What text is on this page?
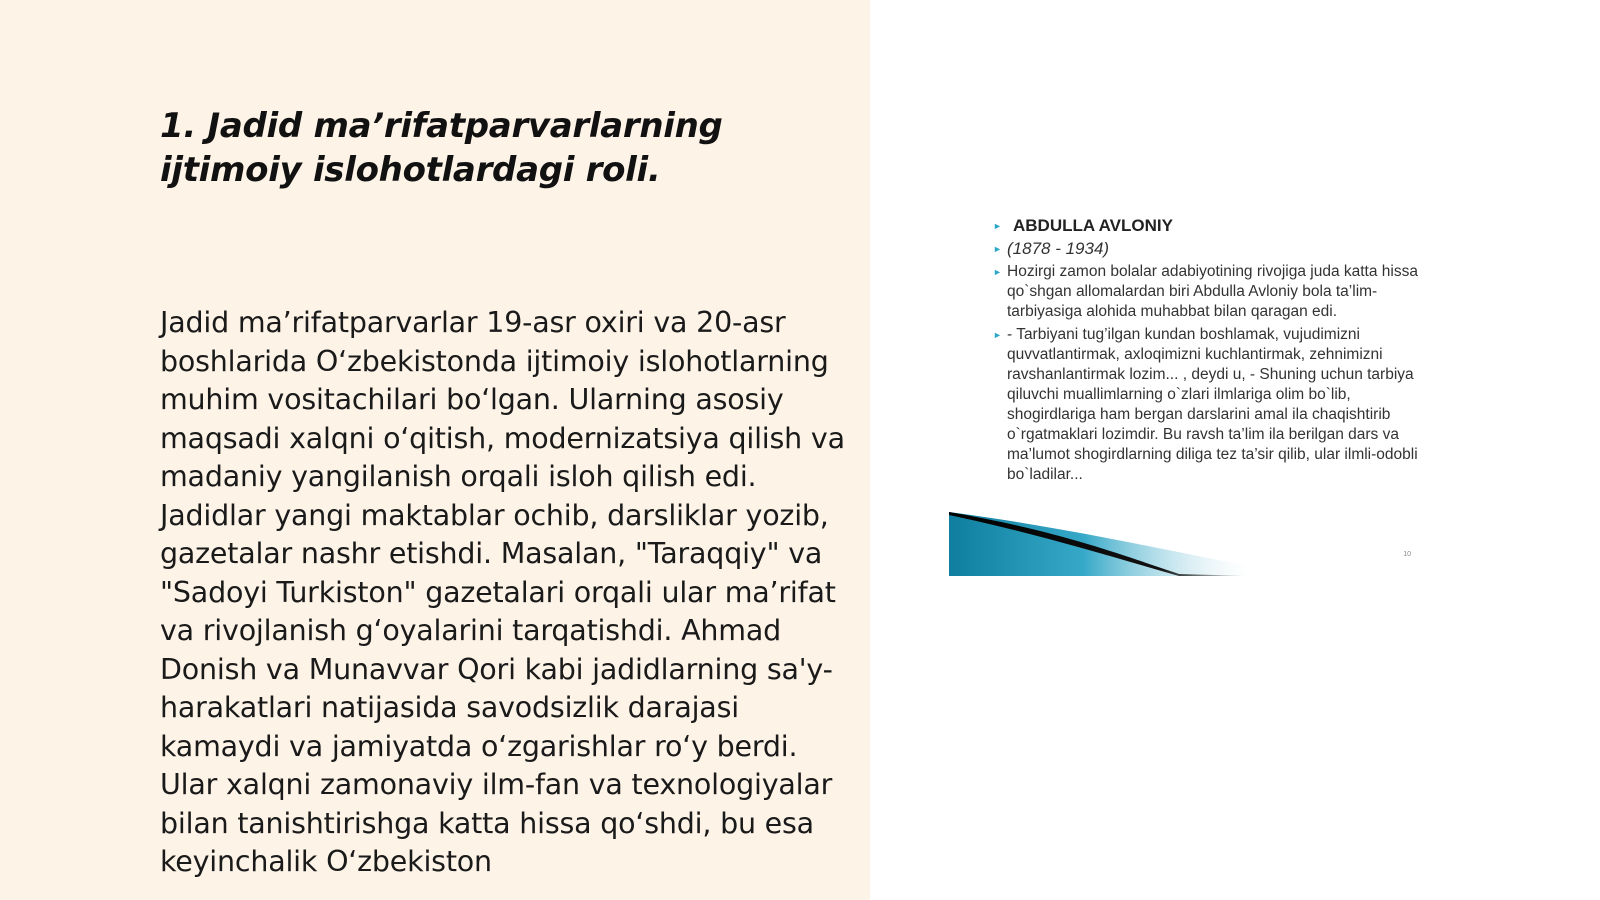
1. Jadid ma’rifatparvarlarning ijtimoiy islohotlardagi roli.

Jadid ma’rifatparvarlar 19-asr oxiri va 20-asr boshlarida O‘zbekistonda ijtimoiy islohotlarning muhim vositachilari bo‘lgan. Ularning asosiy maqsadi xalqni o‘qitish, modernizatsiya qilish va madaniy yangilanish orqali isloh qilish edi. Jadidlar yangi maktablar ochib, darsliklar yozib, gazetalar nashr etishdi. Masalan, "Taraqqiy" va "Sadoyi Turkiston" gazetalari orqali ular ma’rifat va rivojlanish g‘oyalarini tarqatishdi. Ahmad Donish va Munavvar Qori kabi jadidlarning sa'y-harakatlari natijasida savodsizlik darajasi kamaydi va jamiyatda o‘zgarishlar ro‘y berdi. Ular xalqni zamonaviy ilm-fan va texnologiyalar bilan tanishtirishga katta hissa qo‘shdi, bu esa keyinchalik O‘zbekiston

► ABDULLA AVLONIY
► (1878 - 1934)
► Hozirgi zamon bolalar adabiyotining rivojiga juda katta hissa qo`shgan allomalardan biri Abdulla Avloniy bola ta’lim-tarbiyasiga alohida muhabbat bilan qaragan edi.
► - Tarbiyani tug’ilgan kundan boshlamak, vujudimizni quvvatlantirmak, axloqimizni kuchlantirmak, zehnimizni ravshanlantirmak lozim... , deydi u, - Shuning uchun tarbiya qiluvchi muallimlarning o`zlari ilmlariga olim bo`lib, shogirdlariga ham bergan darslarini amal ila chaqishtirib o`rgatmaklari lozimdir. Bu ravsh ta’lim ila berilgan dars va ma’lumot shogirdlarning diliga tez ta’sir qilib, ular ilmli-odobli bo`ladilar...
10
